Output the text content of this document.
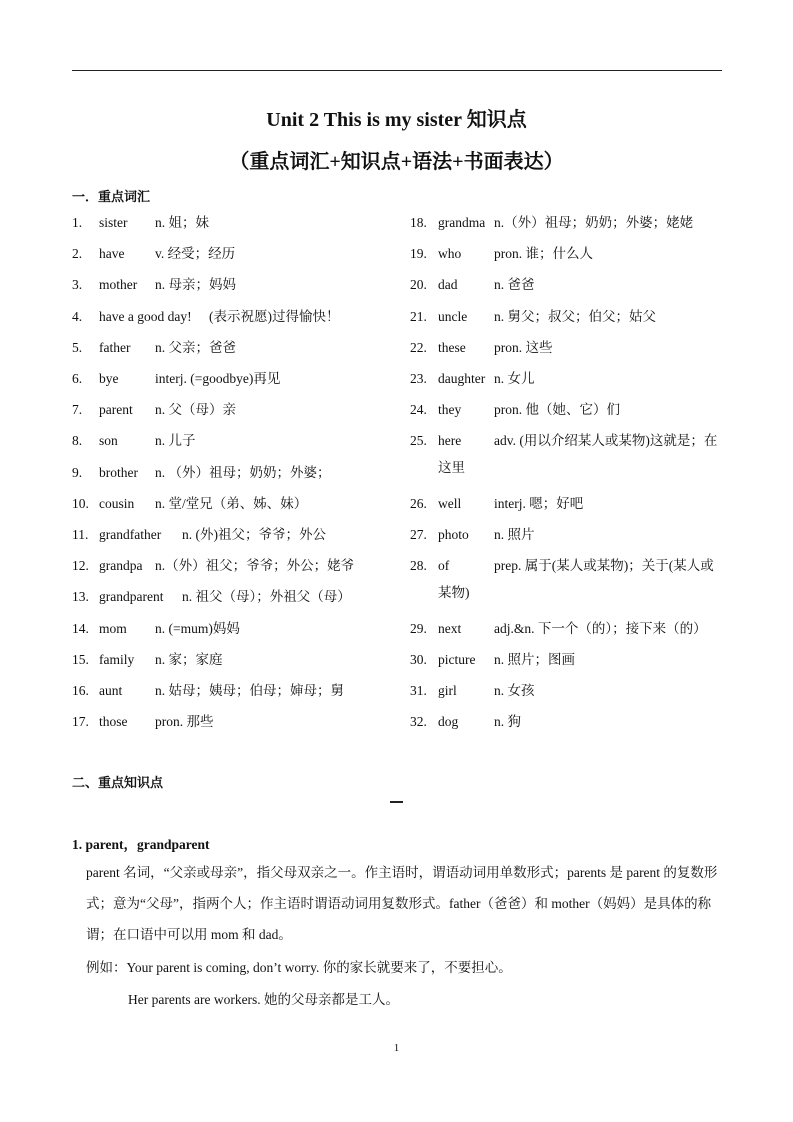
Unit 2 This is my sister 知识点
（重点词汇+知识点+语法+书面表达）
一．重点词汇
1. sister n. 姐；妹
2. have v. 经受；经历
3. mother n. 母亲；妈妈
4. have a good day! (表示祝愿)过得愉快！
5. father n. 父亲；爸爸
6. bye	interj. (=goodbye)再见
7. parent n. 父（母）亲
8. son	n. 儿子
9. brother n. （外）祖母；奶奶；外婆；
10. cousin n. 堂/堂兄（弟、姊、妹）
11. grandfather n. (外)祖父；爷爷；外公
12. grandpa n.（外）祖父；爷爷；外公；姥爷
13. grandparent n. 祖父（母）；外祖父（母）
14. mom n. (=mum)妈妈
15. family n. 家；家庭
16. aunt n. 姑母；姨母；伯母；婶母；舅
17. those pron. 那些
18. grandma n.（外）祖母；奶奶；外婆；姥姥
19. who pron. 谁；什么人
20. dad	n. 爸爸
21. uncle n. 舅父；叔父；伯父；姑父
22. these pron. 这些
23. daughter n. 女儿
24. they pron. 他（她、它）们
25. here adv. (用以介绍某人或某物)这就是；在
这里
26. well interj. 嗯；好吧
27. photo n. 照片
28. of	prep. 属于(某人或某物)；关于(某人或
某物)
29. next adj.&n. 下一个（的）；接下来（的）
30. picture n. 照片；图画
31. girl	n. 女孩
32. dog	n. 狗
二、重点知识点
1. parent，grandparent
parent 名词，“父亲或母亲”，指父母双亲之一。作主语时，谓语动词用单数形式；parents 是 parent 的复数形式；意为“父母”，指两个人；作主语时谓语动词用复数形式。father（爸爸）和 mother（妈妈）是具体的称谓；在口语中可以用 mom 和 dad。
例如：Your parent is coming, don’t worry. 你的家长就要来了，不要担心。
Her parents are workers. 她的父母亲都是工人。
1
